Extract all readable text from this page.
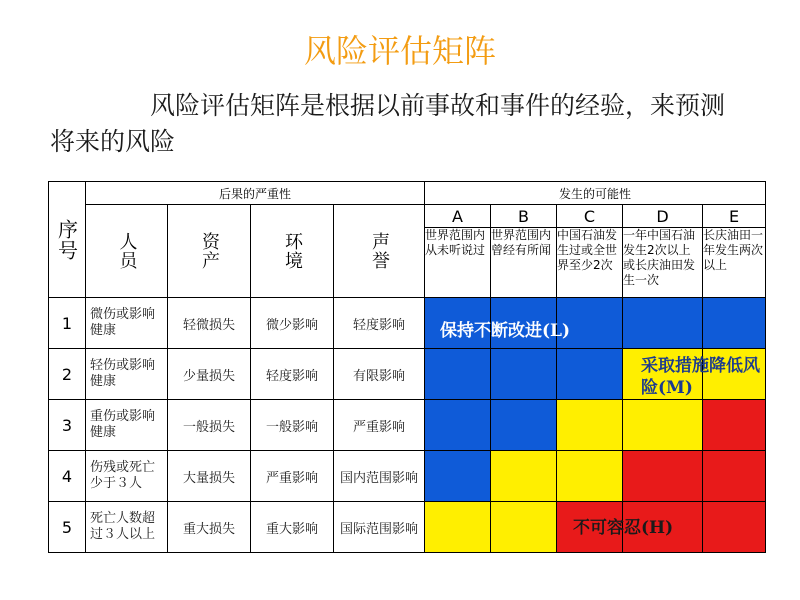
风险评估矩阵

风险评估矩阵是根据以前事故和事件的经验，来预测将来的风险

序号	后果的严重性				发生的可能性				

	人员	资产	环境	声誉	A	B	C	D	E
					世界范围内从未听说过	世界范围内曾经有所闻	中国石油发生过或全世界至少2次	一年中国石油发生2次以上或长庆油田发生一次	长庆油田一年发生两次以上
1	微伤或影响健康	轻微损失	微少影响	轻度影响					
2	轻伤或影响健康	少量损失	轻度影响	有限影响					
3	重伤或影响健康	一般损失	一般影响	严重影响					
4	伤残或死亡少于３人	大量损失	严重影响	国内范围影响					
5	死亡人数超过３人以上	重大损失	重大影响	国际范围影响					
保持不断改进(L)
采取措施降低风险(M)
不可容忍(H)
